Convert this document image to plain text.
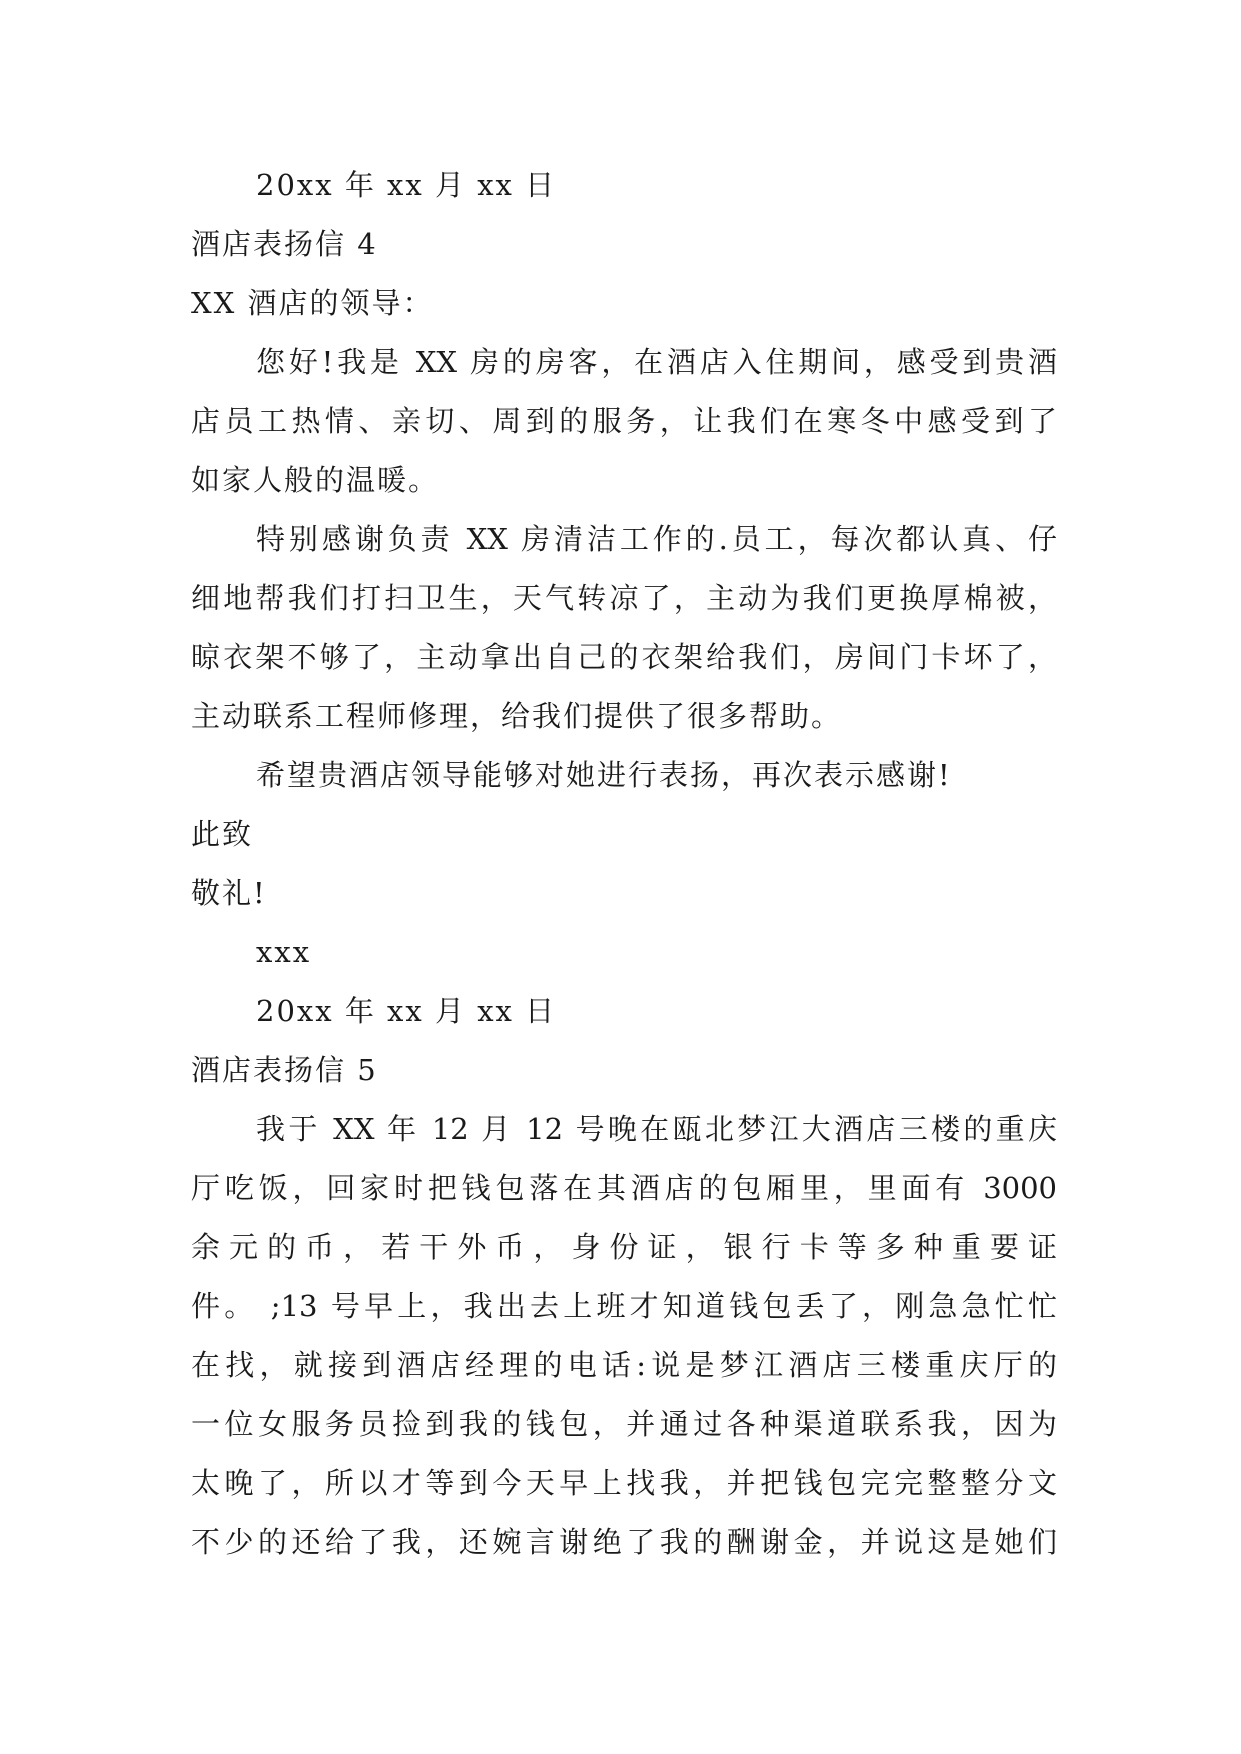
20xx 年 xx 月 xx 日
酒店表扬信 4
XX 酒店的领导：
您好!我是 XX 房的房客，在酒店入住期间，感受到贵酒
店员工热情、亲切、周到的服务，让我们在寒冬中感受到了
如家人般的温暖。
特别感谢负责 XX 房清洁工作的.员工，每次都认真、仔
细地帮我们打扫卫生，天气转凉了，主动为我们更换厚棉被，
晾衣架不够了，主动拿出自己的衣架给我们，房间门卡坏了，
主动联系工程师修理，给我们提供了很多帮助。
希望贵酒店领导能够对她进行表扬，再次表示感谢!
此致
敬礼!
xxx
20xx 年 xx 月 xx 日
酒店表扬信 5
我于 XX 年 12 月 12 号晚在瓯北梦江大酒店三楼的重庆
厅吃饭，回家时把钱包落在其酒店的包厢里，里面有 3000
余元的币，若干外币，身份证，银行卡等多种重要证
件。 ;13 号早上，我出去上班才知道钱包丢了，刚急急忙忙
在找，就接到酒店经理的电话:说是梦江酒店三楼重庆厅的
一位女服务员捡到我的钱包，并通过各种渠道联系我，因为
太晚了，所以才等到今天早上找我，并把钱包完完整整分文
不少的还给了我，还婉言谢绝了我的酬谢金，并说这是她们
